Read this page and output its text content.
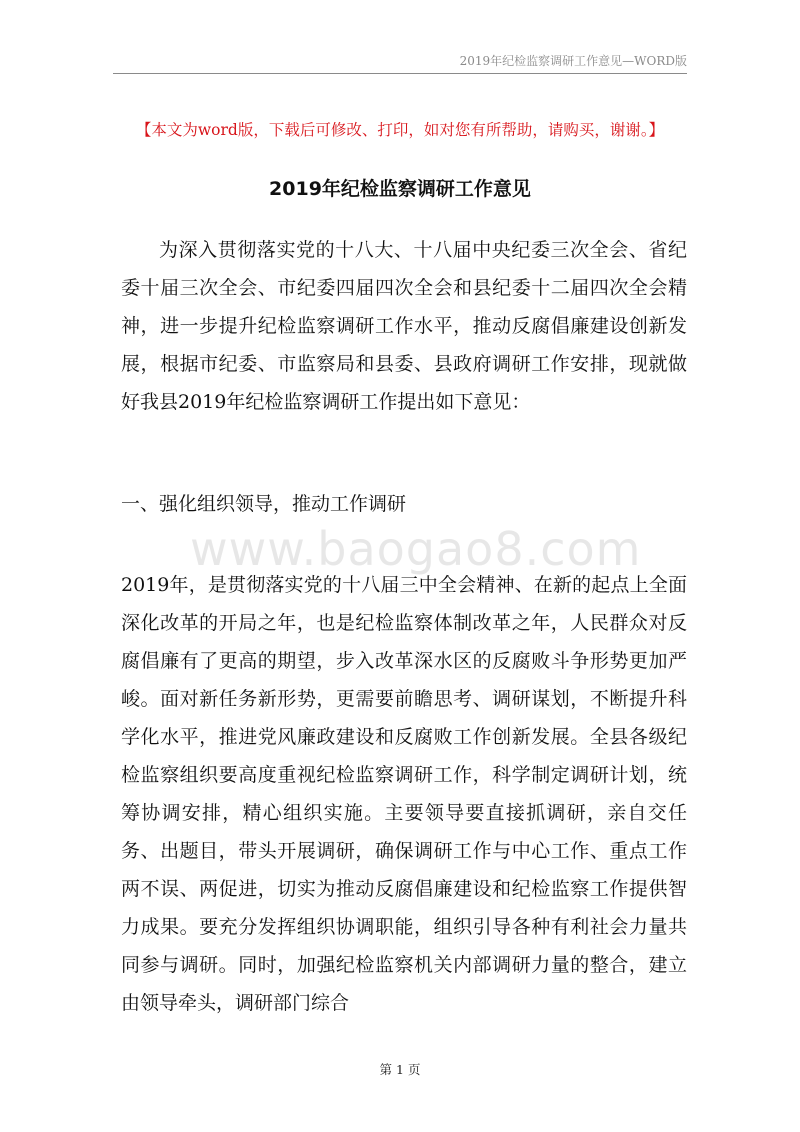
2019年纪检监察调研工作意见—WORD版
【本文为word版，下载后可修改、打印，如对您有所帮助，请购买，谢谢。】
2019年纪检监察调研工作意见

为深入贯彻落实党的十八大、十八届中央纪委三次全会、省纪委十届三次全会、市纪委四届四次全会和县纪委十二届四次全会精神，进一步提升纪检监察调研工作水平，推动反腐倡廉建设创新发展，根据市纪委、市监察局和县委、县政府调研工作安排，现就做好我县2019年纪检监察调研工作提出如下意见：

一、强化组织领导，推动工作调研
www.baogao8.com

2019年，是贯彻落实党的十八届三中全会精神、在新的起点上全面深化改革的开局之年，也是纪检监察体制改革之年，人民群众对反腐倡廉有了更高的期望，步入改革深水区的反腐败斗争形势更加严峻。面对新任务新形势，更需要前瞻思考、调研谋划，不断提升科学化水平，推进党风廉政建设和反腐败工作创新发展。全县各级纪检监察组织要高度重视纪检监察调研工作，科学制定调研计划，统筹协调安排，精心组织实施。主要领导要直接抓调研，亲自交任务、出题目，带头开展调研，确保调研工作与中心工作、重点工作两不误、两促进，切实为推动反腐倡廉建设和纪检监察工作提供智力成果。要充分发挥组织协调职能，组织引导各种有利社会力量共同参与调研。同时，加强纪检监察机关内部调研力量的整合，建立由领导牵头，调研部门综合

第 1 页
